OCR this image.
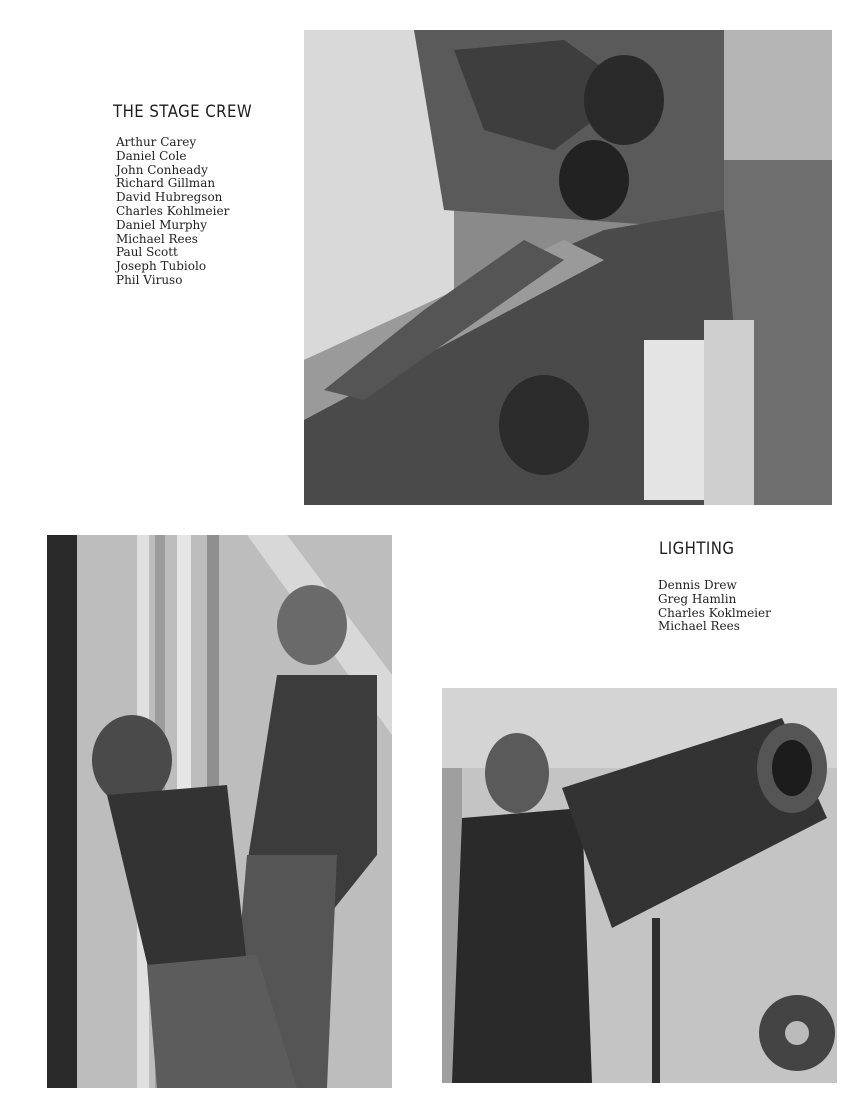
THE STAGE CREW
Arthur Carey
Daniel Cole
John Conheady
Richard Gillman
David Hubregson
Charles Kohlmeier
Daniel Murphy
Michael Rees
Paul Scott
Joseph Tubiolo
Phil Viruso
LIGHTING
Dennis Drew
Greg Hamlin
Charles Koklmeier
Michael Rees
